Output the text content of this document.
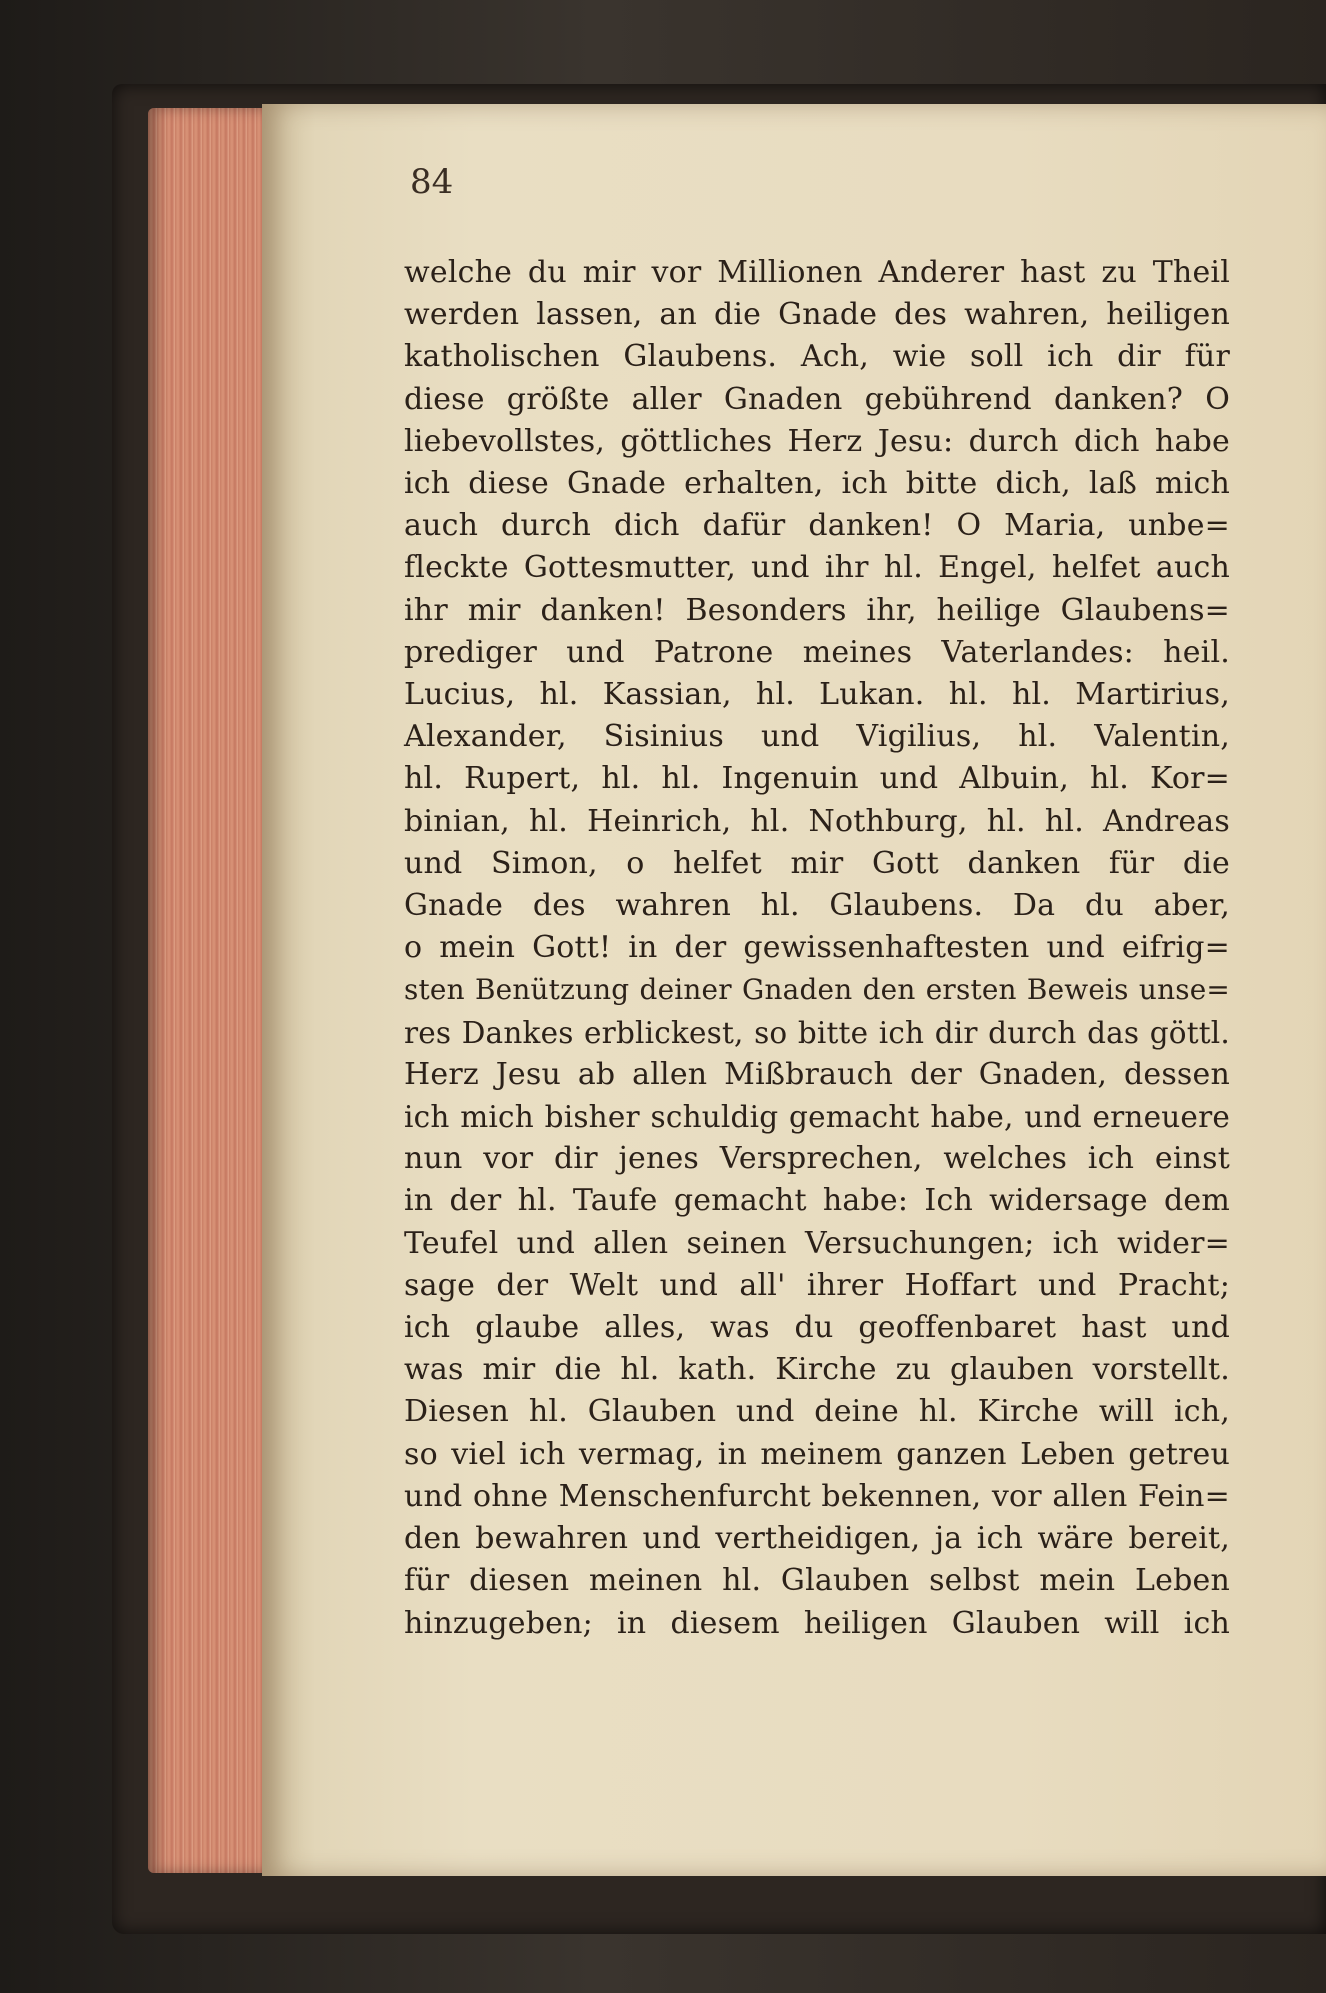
84

welche du mir vor Millionen Anderer hast zu Theil
werden lassen, an die Gnade des wahren, heiligen
katholischen Glaubens. Ach, wie soll ich dir für
diese größte aller Gnaden gebührend danken? O
liebevollstes, göttliches Herz Jesu: durch dich habe
ich diese Gnade erhalten, ich bitte dich, laß mich
auch durch dich dafür danken! O Maria, unbe=
fleckte Gottesmutter, und ihr hl. Engel, helfet auch
ihr mir danken! Besonders ihr, heilige Glaubens=
prediger und Patrone meines Vaterlandes: heil.
Lucius, hl. Kassian, hl. Lukan. hl. hl. Martirius,
Alexander, Sisinius und Vigilius, hl. Valentin,
hl. Rupert, hl. hl. Ingenuin und Albuin, hl. Kor=
binian, hl. Heinrich, hl. Nothburg, hl. hl. Andreas
und Simon, o helfet mir Gott danken für die
Gnade des wahren hl. Glaubens. Da du aber,
o mein Gott! in der gewissenhaftesten und eifrig=
sten Benützung deiner Gnaden den ersten Beweis unse=
res Dankes erblickest, so bitte ich dir durch das göttl.
Herz Jesu ab allen Mißbrauch der Gnaden, dessen
ich mich bisher schuldig gemacht habe, und erneuere
nun vor dir jenes Versprechen, welches ich einst
in der hl. Taufe gemacht habe: Ich widersage dem
Teufel und allen seinen Versuchungen; ich wider=
sage der Welt und all' ihrer Hoffart und Pracht;
ich glaube alles, was du geoffenbaret hast und
was mir die hl. kath. Kirche zu glauben vorstellt.
Diesen hl. Glauben und deine hl. Kirche will ich,
so viel ich vermag, in meinem ganzen Leben getreu
und ohne Menschenfurcht bekennen, vor allen Fein=
den bewahren und vertheidigen, ja ich wäre bereit,
für diesen meinen hl. Glauben selbst mein Leben
hinzugeben; in diesem heiligen Glauben will ich
